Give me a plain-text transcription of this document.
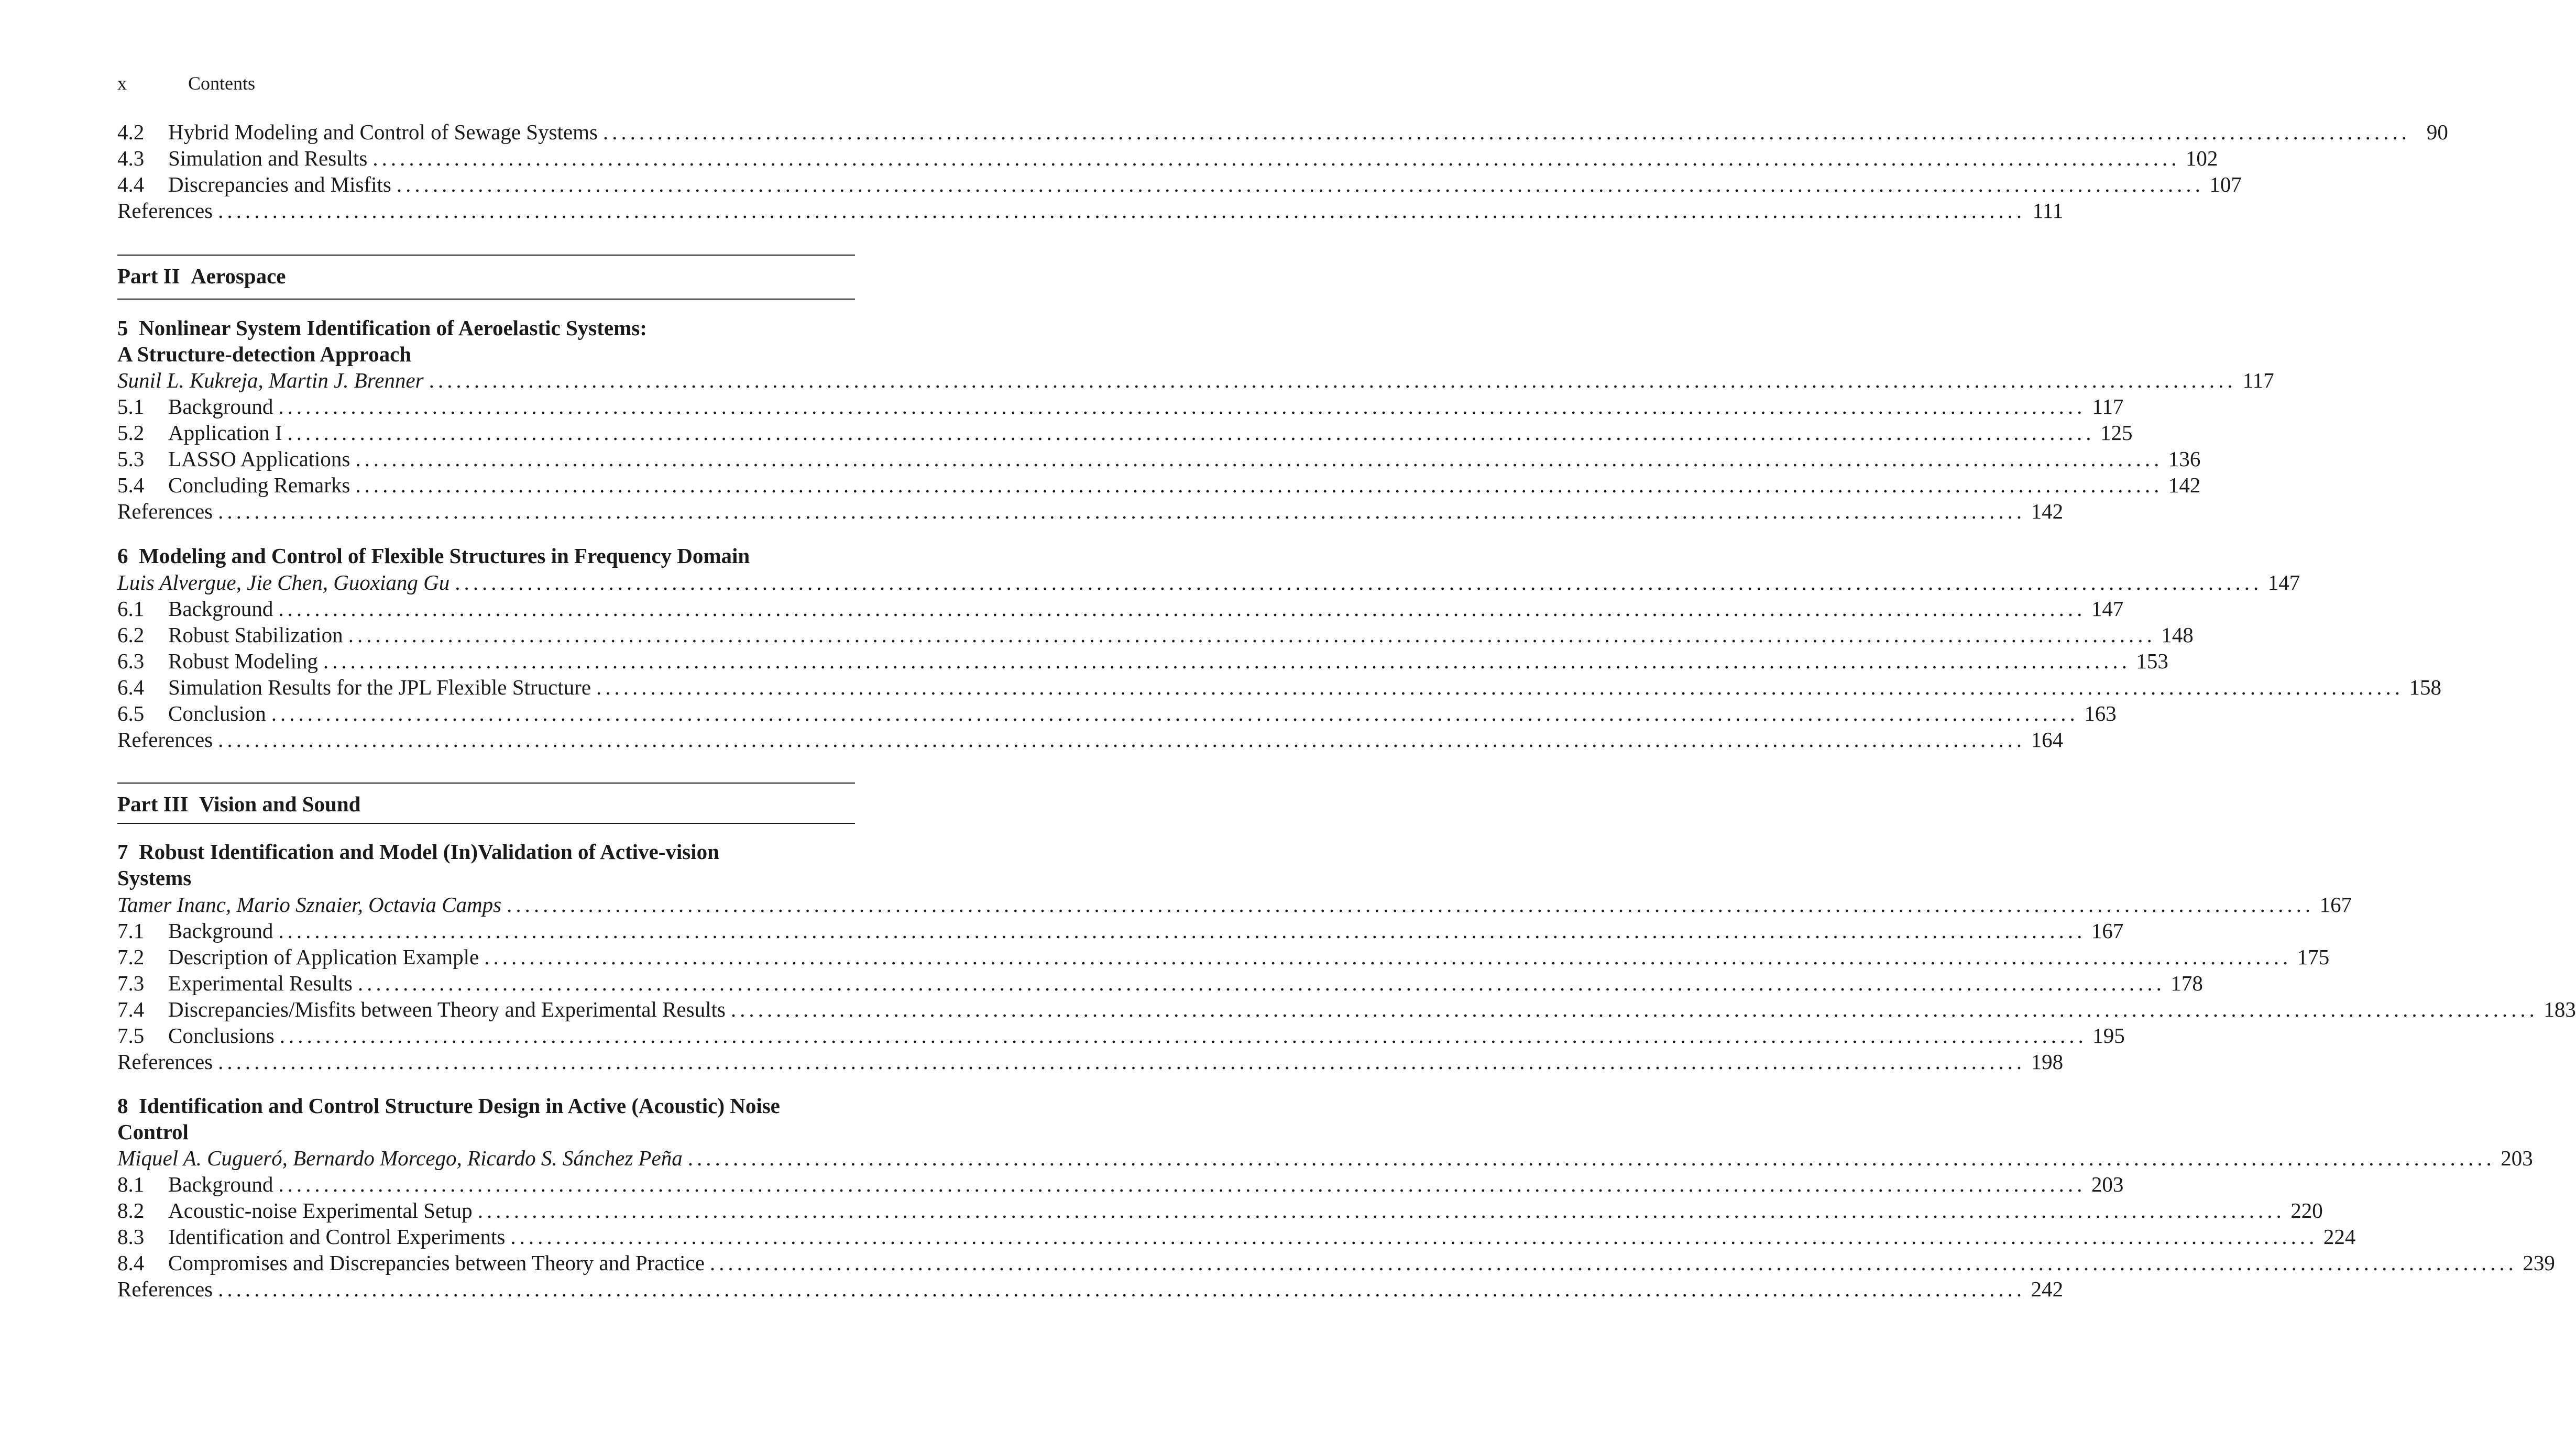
x	Contents
4.2	Hybrid Modeling and Control of Sewage Systems ........................................................................................................................................................................................................ 90
4.3	Simulation and Results ........................................................................................................................................................................................................ 102
4.4	Discrepancies and Misfits ........................................................................................................................................................................................................ 107
References ........................................................................................................................................................................................................ 111
Part II Aerospace
5  Nonlinear System Identification of Aeroelastic Systems:
A Structure-detection Approach
Sunil L. Kukreja, Martin J. Brenner ........................................................................................................................................................................................................ 117
5.1	Background ........................................................................................................................................................................................................ 117
5.2	Application I ........................................................................................................................................................................................................ 125
5.3	LASSO Applications ........................................................................................................................................................................................................ 136
5.4	Concluding Remarks ........................................................................................................................................................................................................ 142
References ........................................................................................................................................................................................................ 142
6  Modeling and Control of Flexible Structures in Frequency Domain
Luis Alvergue, Jie Chen, Guoxiang Gu ........................................................................................................................................................................................................ 147
6.1	Background ........................................................................................................................................................................................................ 147
6.2	Robust Stabilization ........................................................................................................................................................................................................ 148
6.3	Robust Modeling ........................................................................................................................................................................................................ 153
6.4	Simulation Results for the JPL Flexible Structure ........................................................................................................................................................................................................ 158
6.5	Conclusion ........................................................................................................................................................................................................ 163
References ........................................................................................................................................................................................................ 164
Part III Vision and Sound
7  Robust Identification and Model (In)Validation of Active-vision
Systems
Tamer Inanc, Mario Sznaier, Octavia Camps ........................................................................................................................................................................................................ 167
7.1	Background ........................................................................................................................................................................................................ 167
7.2	Description of Application Example ........................................................................................................................................................................................................ 175
7.3	Experimental Results ........................................................................................................................................................................................................ 178
7.4	Discrepancies/Misfits between Theory and Experimental Results ........................................................................................................................................................................................................ 183
7.5	Conclusions ........................................................................................................................................................................................................ 195
References ........................................................................................................................................................................................................ 198
8  Identification and Control Structure Design in Active (Acoustic) Noise
Control
Miquel A. Cugueró, Bernardo Morcego, Ricardo S. Sánchez Peña ........................................................................................................................................................................................................ 203
8.1	Background ........................................................................................................................................................................................................ 203
8.2	Acoustic-noise Experimental Setup ........................................................................................................................................................................................................ 220
8.3	Identification and Control Experiments ........................................................................................................................................................................................................ 224
8.4	Compromises and Discrepancies between Theory and Practice ........................................................................................................................................................................................................ 239
References ........................................................................................................................................................................................................ 242
